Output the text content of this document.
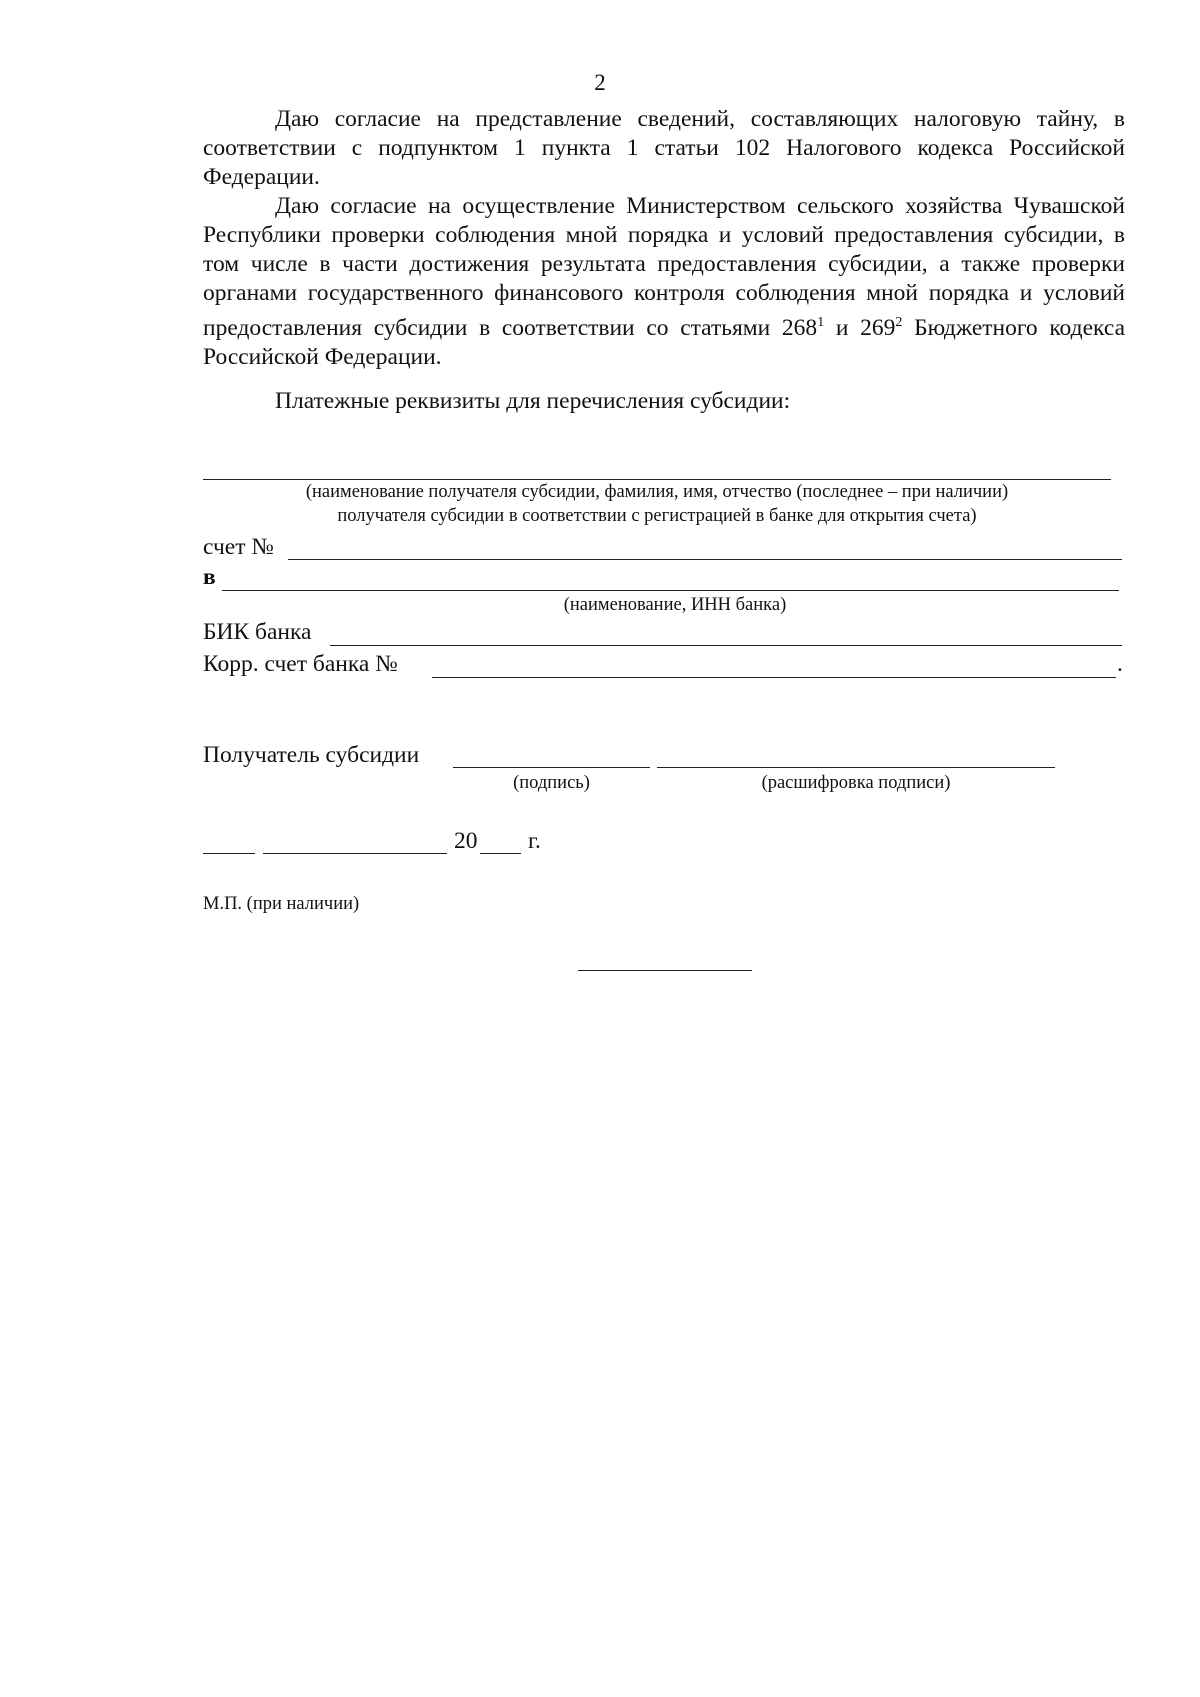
2

Даю согласие на представление сведений, составляющих налоговую тайну, в соответствии с подпунктом 1 пункта 1 статьи 102 Налогового кодекса Российской Федерации.

Даю согласие на осуществление Министерством сельского хозяйства Чувашской Республики проверки соблюдения мной порядка и условий предоставления субсидии, в том числе в части достижения результата предоставления субсидии, а также проверки органами государственного финансового контроля соблюдения мной порядка и условий предоставления субсидии в соответствии со статьями $268^1$ и $269^2$ Бюджетного кодекса Российской Федерации.

Платежные реквизиты для перечисления субсидии:
(наименование получателя субсидии, фамилия, имя, отчество (последнее – при наличии)
получателя субсидии в соответствии с регистрацией в банке для открытия счета)
счет №
в
(наименование, ИНН банка)
БИК банка
Корр. счет банка №	.
Получатель субсидии
(подпись)	(расшифровка подписи)
20 г.
М.П. (при наличии)
